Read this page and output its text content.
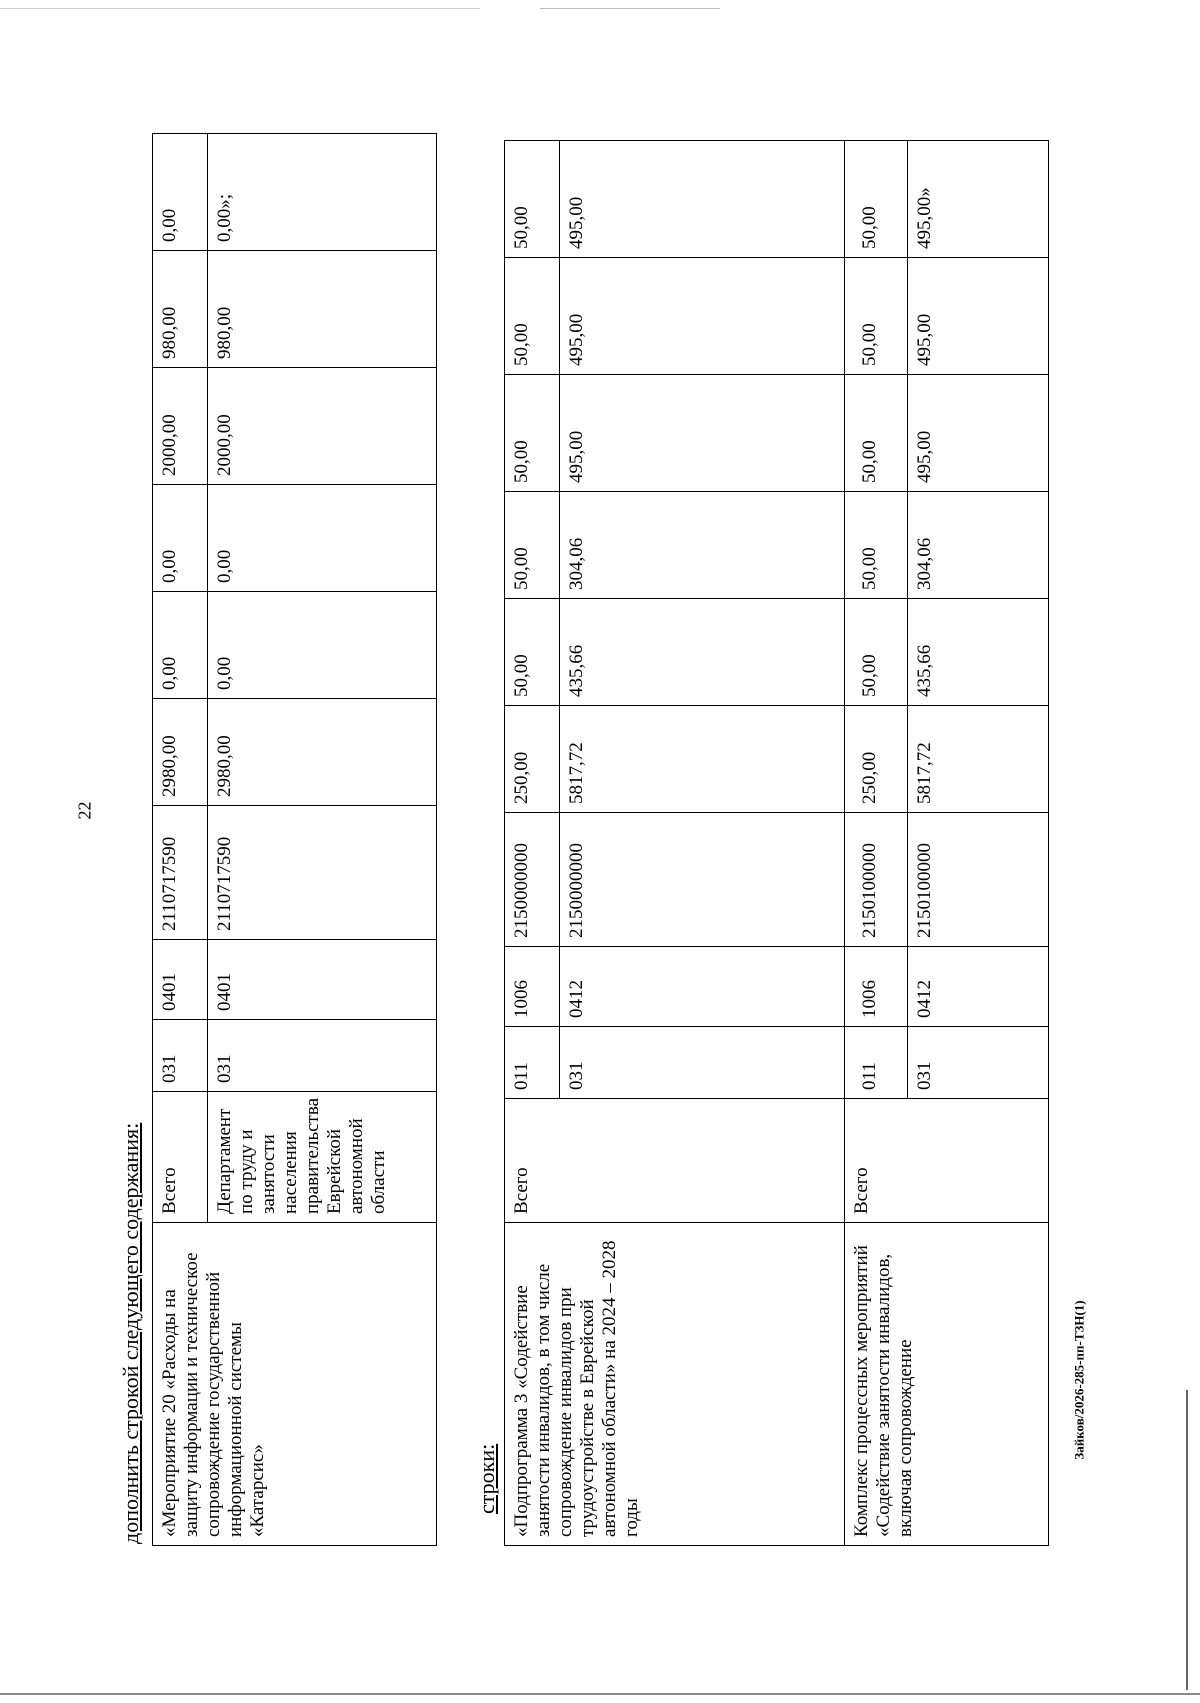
22
дополнить строкой следующего содержания: «Мероприятие 20 «Расходы на защиту информации и техническое сопровождение государственной информационной системы «Катарсис»	Всего	031	0401	2110717590	2980,00	0,00	0,00	2000,00	980,00	0,00
	Департамент по труду и занятости населения правительства Еврейской автономной области	031	0401	2110717590	2980,00	0,00	0,00	2000,00	980,00	0,00»;
строки: «Подпрограмма 3 «Содействие занятости инвалидов, в том числе сопровождение инвалидов при трудоустройстве в Еврейской автономной области» на 2024 – 2028 годы	Всего	011	1006	2150000000	250,00	50,00	50,00	50,00	50,00	50,00
		031	0412	2150000000	5817,72	435,66	304,06	495,00	495,00	495,00
Комплекс процессных мероприятий «Содействие занятости инвалидов, включая сопровождение	Всего	011	1006	2150100000	250,00	50,00	50,00	50,00	50,00	50,00
		031	0412	2150100000	5817,72	435,66	304,06	495,00	495,00	495,00»
Зайков/2026-285-пп-ТЗН(1)
